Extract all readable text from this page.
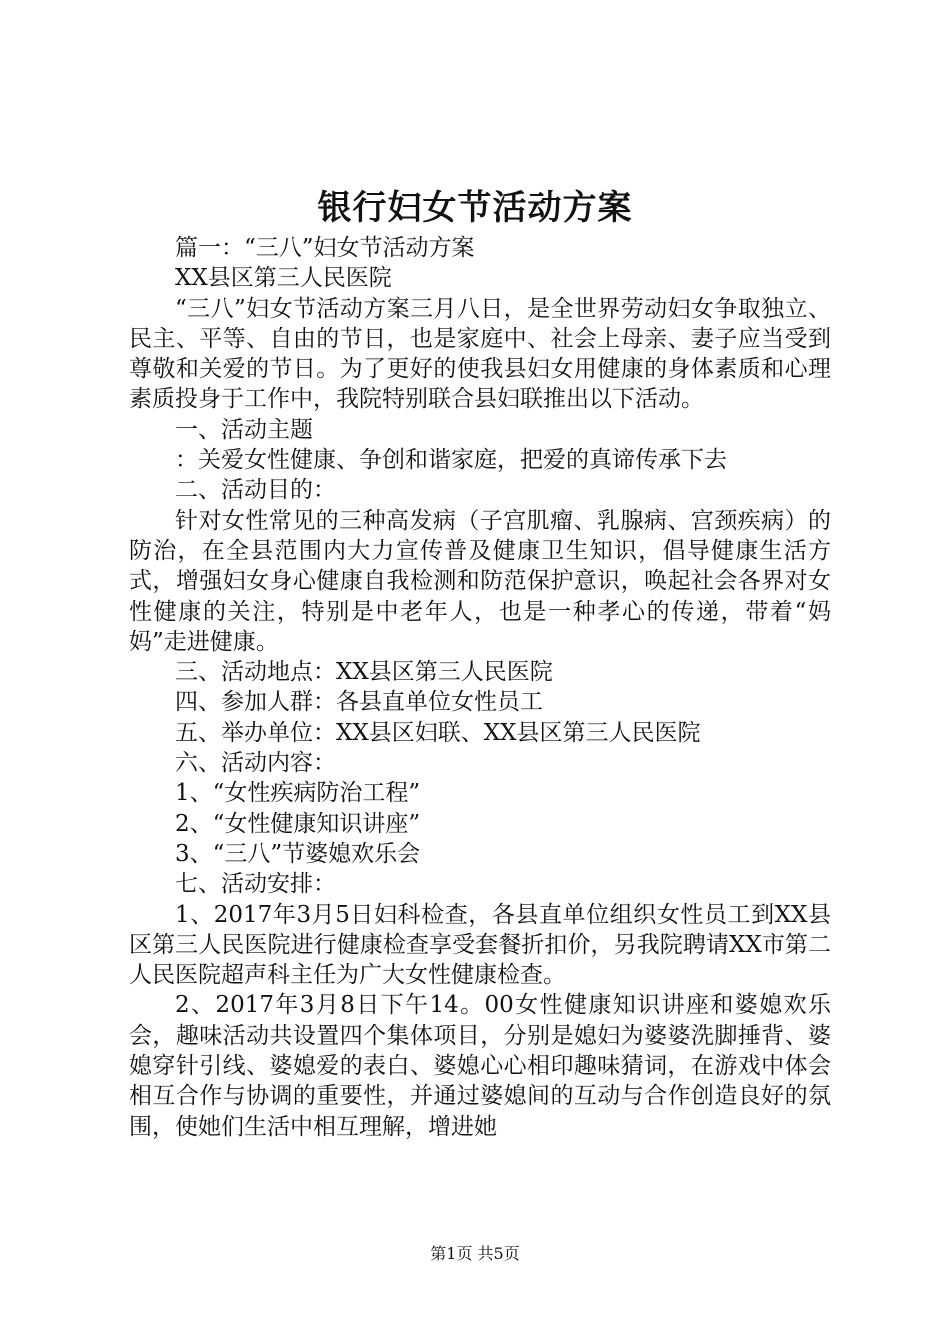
银行妇女节活动方案

篇一：“三八”妇女节活动方案

XX县区第三人民医院

“三八”妇女节活动方案三月八日，是全世界劳动妇女争取独立、民主、平等、自由的节日，也是家庭中、社会上母亲、妻子应当受到尊敬和关爱的节日。为了更好的使我县妇女用健康的身体素质和心理素质投身于工作中，我院特别联合县妇联推出以下活动。

一、活动主题

：关爱女性健康、争创和谐家庭，把爱的真谛传承下去

二、活动目的：

针对女性常见的三种高发病（子宫肌瘤、乳腺病、宫颈疾病）的防治，在全县范围内大力宣传普及健康卫生知识，倡导健康生活方式，增强妇女身心健康自我检测和防范保护意识，唤起社会各界对女性健康的关注，特别是中老年人，也是一种孝心的传递，带着“妈妈”走进健康。

三、活动地点：XX县区第三人民医院

四、参加人群：各县直单位女性员工

五、举办单位：XX县区妇联、XX县区第三人民医院

六、活动内容：

1、“女性疾病防治工程”

2、“女性健康知识讲座”

3、“三八”节婆媳欢乐会

七、活动安排：

1、2017年3月5日妇科检查，各县直单位组织女性员工到XX县区第三人民医院进行健康检查享受套餐折扣价，另我院聘请XX市第二人民医院超声科主任为广大女性健康检查。

2、2017年3月8日下午14。00女性健康知识讲座和婆媳欢乐会，趣味活动共设置四个集体项目，分别是媳妇为婆婆洗脚捶背、婆媳穿针引线、婆媳爱的表白、婆媳心心相印趣味猜词，在游戏中体会相互合作与协调的重要性，并通过婆媳间的互动与合作创造良好的氛围，使她们生活中相互理解，增进她

第1页 共5页
